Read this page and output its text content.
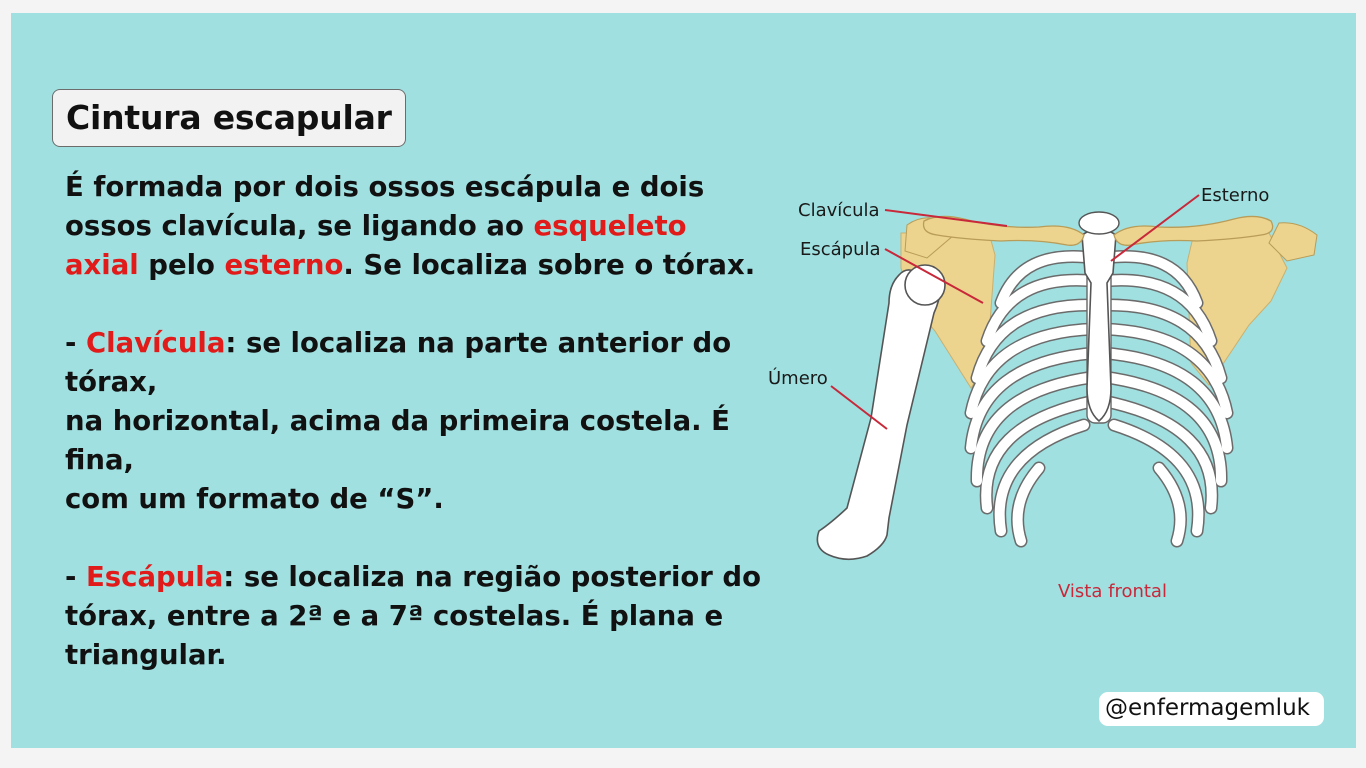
Cintura escapular

É formada por dois ossos escápula e dois ossos clavícula, se ligando ao esqueleto axial pelo esterno. Se localiza sobre o tórax.

- Clavícula: se localiza na parte anterior do tórax,

na horizontal, acima da primeira costela. É fina,

com um formato de “S”.

- Escápula: se localiza na região posterior do tórax, entre a 2ª e a 7ª costelas. É plana e triangular.

Clavícula
Escápula
Esterno
Úmero
Vista frontal
@enfermagemluk
